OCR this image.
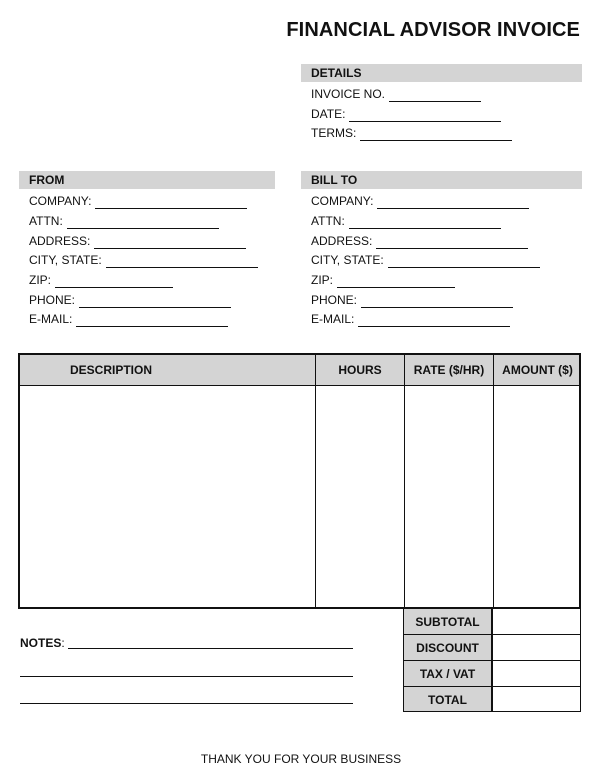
FINANCIAL ADVISOR INVOICE
DETAILS
INVOICE NO.
DATE:
TERMS:
FROM
COMPANY:
ATTN:
ADDRESS:
CITY, STATE:
ZIP:
PHONE:
E-MAIL:
BILL TO
COMPANY:
ATTN:
ADDRESS:
CITY, STATE:
ZIP:
PHONE:
E-MAIL:
DESCRIPTION	HOURS	RATE ($/HR)	AMOUNT ($)
SUBTOTAL
DISCOUNT
TAX / VAT
TOTAL
NOTES:
THANK YOU FOR YOUR BUSINESS
